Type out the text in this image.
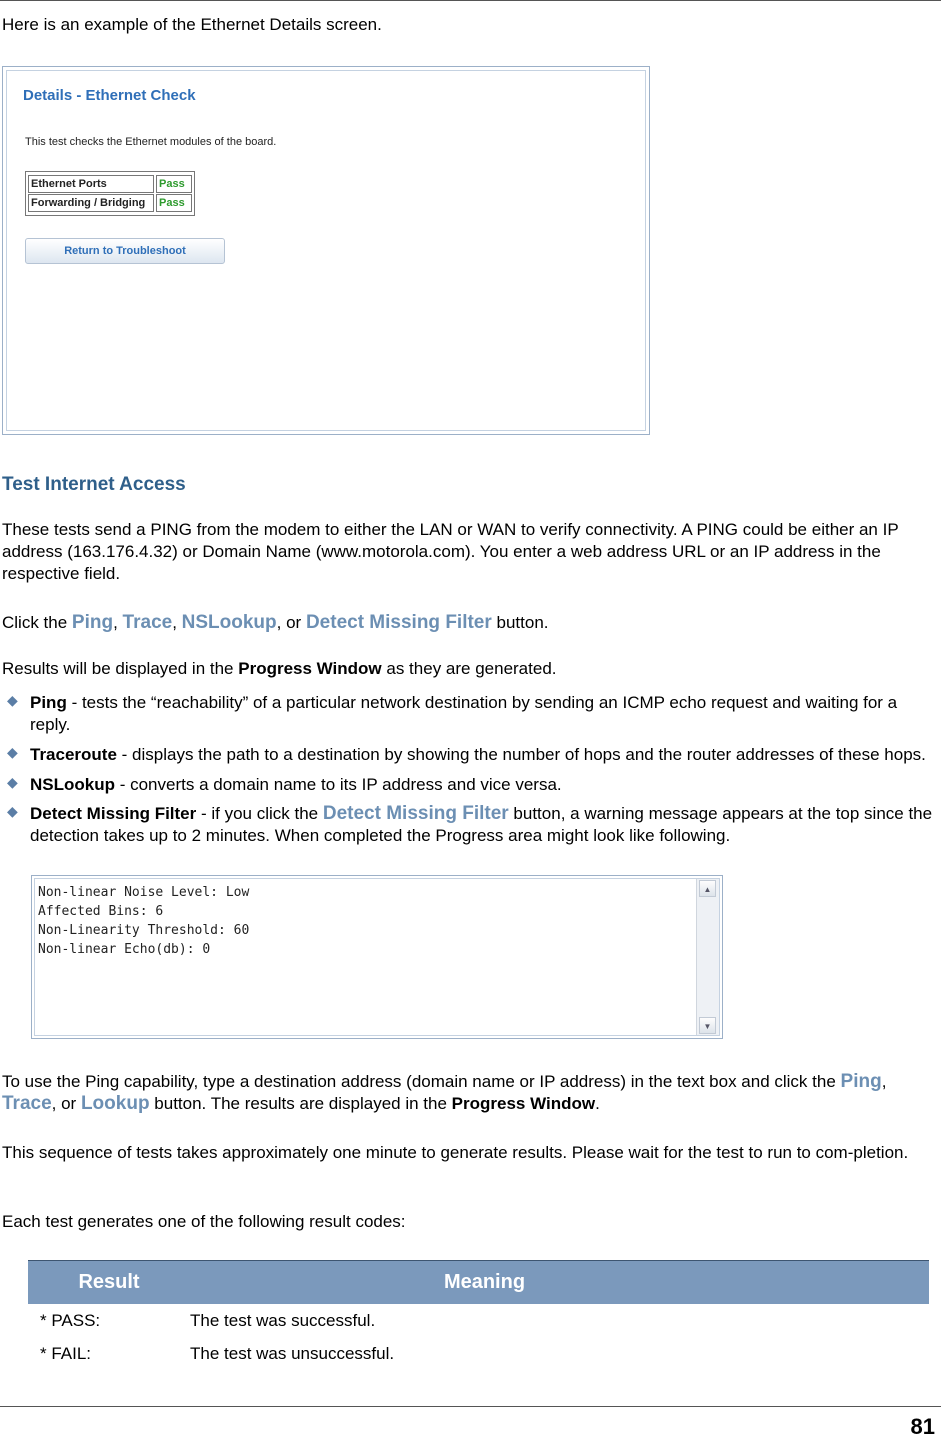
Here is an example of the Ethernet Details screen.

Details - Ethernet Check
This test checks the Ethernet modules of the board.
Ethernet Ports	Pass
Forwarding / Bridging	Pass
Return to Troubleshoot
Test Internet Access

These tests send a PING from the modem to either the LAN or WAN to verify connectivity. A PING could be either an IP address (163.176.4.32) or Domain Name (www.motorola.com). You enter a web address URL or an IP address in the respective field.

Click the Ping, Trace, NSLookup, or Detect Missing Filter button.

Results will be displayed in the Progress Window as they are generated.

◆ Ping - tests the “reachability” of a particular network destination by sending an ICMP echo request and waiting for a reply.

◆ Traceroute - displays the path to a destination by showing the number of hops and the router addresses of these hops.

◆ NSLookup - converts a domain name to its IP address and vice versa.

◆ Detect Missing Filter - if you click the Detect Missing Filter button, a warning message appears at the top since the detection takes up to 2 minutes. When completed the Progress area might look like following.

Non-linear Noise Level: Low
Affected Bins: 6
Non-Linearity Threshold: 60
Non-linear Echo(db): 0
▲
▼

To use the Ping capability, type a destination address (domain name or IP address) in the text box and click the Ping, Trace, or Lookup button. The results are displayed in the Progress Window.

This sequence of tests takes approximately one minute to generate results. Please wait for the test to run to com-pletion.

Each test generates one of the following result codes:

Result	Meaning
* PASS:	The test was successful.
* FAIL:	The test was unsuccessful.
81
